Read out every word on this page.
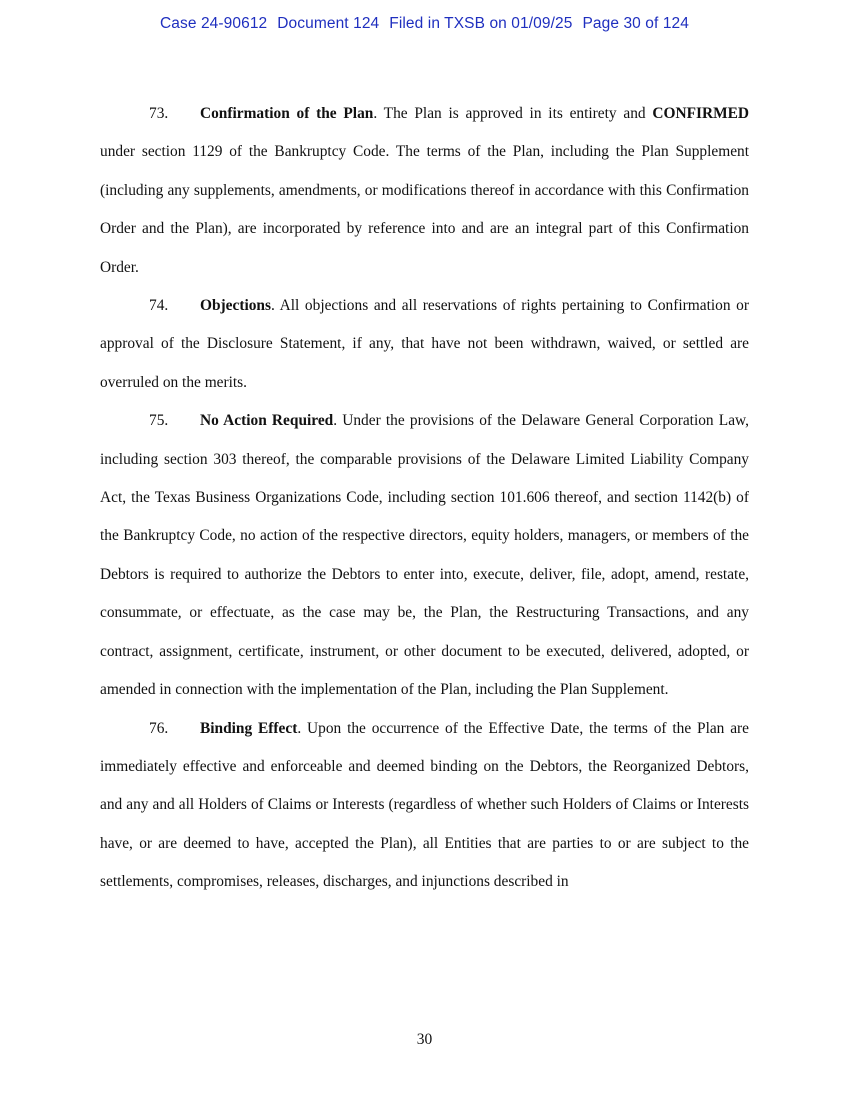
Case 24-90612 Document 124 Filed in TXSB on 01/09/25 Page 30 of 124

73. Confirmation of the Plan. The Plan is approved in its entirety and CONFIRMED under section 1129 of the Bankruptcy Code. The terms of the Plan, including the Plan Supplement (including any supplements, amendments, or modifications thereof in accordance with this Confirmation Order and the Plan), are incorporated by reference into and are an integral part of this Confirmation Order.

74. Objections. All objections and all reservations of rights pertaining to Confirmation or approval of the Disclosure Statement, if any, that have not been withdrawn, waived, or settled are overruled on the merits.

75. No Action Required. Under the provisions of the Delaware General Corporation Law, including section 303 thereof, the comparable provisions of the Delaware Limited Liability Company Act, the Texas Business Organizations Code, including section 101.606 thereof, and section 1142(b) of the Bankruptcy Code, no action of the respective directors, equity holders, managers, or members of the Debtors is required to authorize the Debtors to enter into, execute, deliver, file, adopt, amend, restate, consummate, or effectuate, as the case may be, the Plan, the Restructuring Transactions, and any contract, assignment, certificate, instrument, or other document to be executed, delivered, adopted, or amended in connection with the implementation of the Plan, including the Plan Supplement.

76. Binding Effect. Upon the occurrence of the Effective Date, the terms of the Plan are immediately effective and enforceable and deemed binding on the Debtors, the Reorganized Debtors, and any and all Holders of Claims or Interests (regardless of whether such Holders of Claims or Interests have, or are deemed to have, accepted the Plan), all Entities that are parties to or are subject to the settlements, compromises, releases, discharges, and injunctions described in

30
